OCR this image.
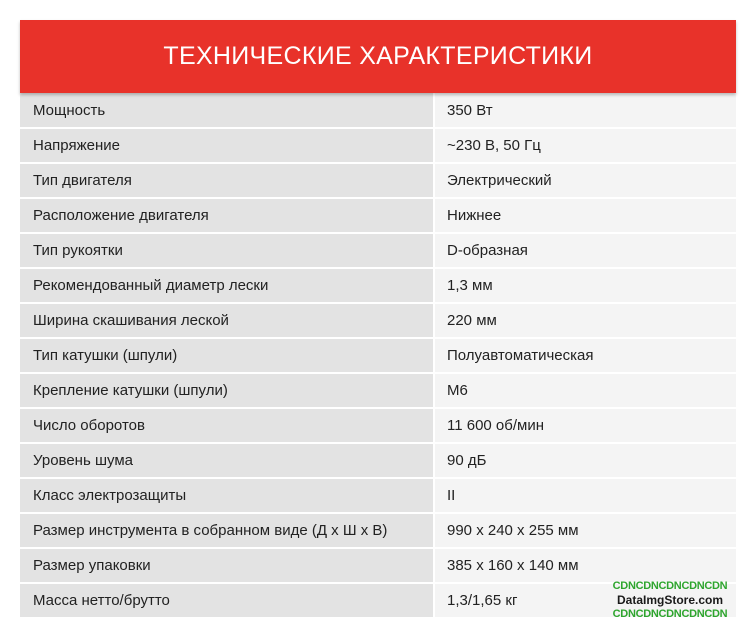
ТЕХНИЧЕСКИЕ ХАРАКТЕРИСТИКИ
Мощность	350 Вт
Напряжение	~230 В, 50 Гц
Тип двигателя	Электрический
Расположение двигателя	Нижнее
Тип рукоятки	D-образная
Рекомендованный диаметр лески	1,3 мм
Ширина скашивания леской	220 мм
Тип катушки (шпули)	Полуавтоматическая
Крепление катушки (шпули)	М6
Число оборотов	11 600 об/мин
Уровень шума	90 дБ
Класс электрозащиты	II
Размер инструмента в собранном виде (Д х Ш х В)	990 х 240 х 255 мм
Размер упаковки	385 х 160 х 140 мм
Масса нетто/брутто	1,3/1,65 кг
CDNCDNCDNCDNCDN
DataImgStore.com
CDNCDNCDNCDNCDN
